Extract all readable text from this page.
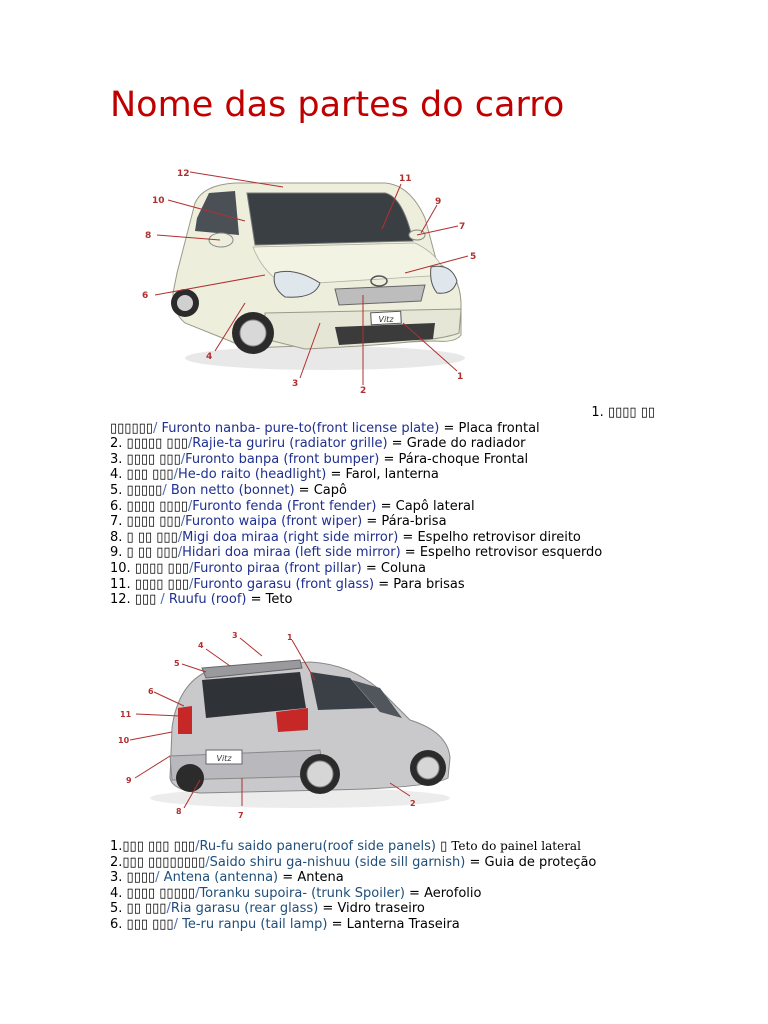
Nome das partes do carro
Vitz
12
10
8
6
4
3
2
1
5
7
9
11
1. ▯▯▯▯ ▯▯
▯▯▯▯▯▯/ Furonto nanba- pure-to(front license plate) = Placa frontal
2. ▯▯▯▯▯ ▯▯▯/Rajie-ta guriru (radiator grille) = Grade do radiador
3. ▯▯▯▯ ▯▯▯/Furonto banpa (front bumper) = Pára-choque Frontal
4. ▯▯▯ ▯▯▯/He-do raito (headlight) = Farol, lanterna
5. ▯▯▯▯▯/ Bon netto (bonnet) = Capô
6. ▯▯▯▯ ▯▯▯▯/Furonto fenda (Front fender) = Capô lateral
7. ▯▯▯▯ ▯▯▯/Furonto waipa (front wiper) = Pára-brisa
8. ▯ ▯▯ ▯▯▯/Migi doa miraa (right side mirror) = Espelho retrovisor direito
9. ▯ ▯▯ ▯▯▯/Hidari doa miraa (left side mirror) = Espelho retrovisor esquerdo
10. ▯▯▯▯ ▯▯▯/Furonto piraa (front pillar) = Coluna
11. ▯▯▯▯ ▯▯▯/Furonto garasu (front glass) = Para brisas
12. ▯▯▯ / Ruufu (roof) = Teto
Vitz
1
2
3
4
5
6
7
8
9
10
11
1.▯▯▯ ▯▯▯ ▯▯▯/Ru-fu saido paneru(roof side panels) ▯ Teto do painel lateral
2.▯▯▯ ▯▯▯▯▯▯▯▯/Saido shiru ga-nishuu (side sill garnish) = Guia de proteção
3. ▯▯▯▯/ Antena (antenna) = Antena
4. ▯▯▯▯ ▯▯▯▯▯/Toranku supoira- (trunk Spoiler) = Aerofolio
5. ▯▯ ▯▯▯/Ria garasu (rear glass) = Vidro traseiro
6. ▯▯▯ ▯▯▯/ Te-ru ranpu (tail lamp) = Lanterna Traseira
